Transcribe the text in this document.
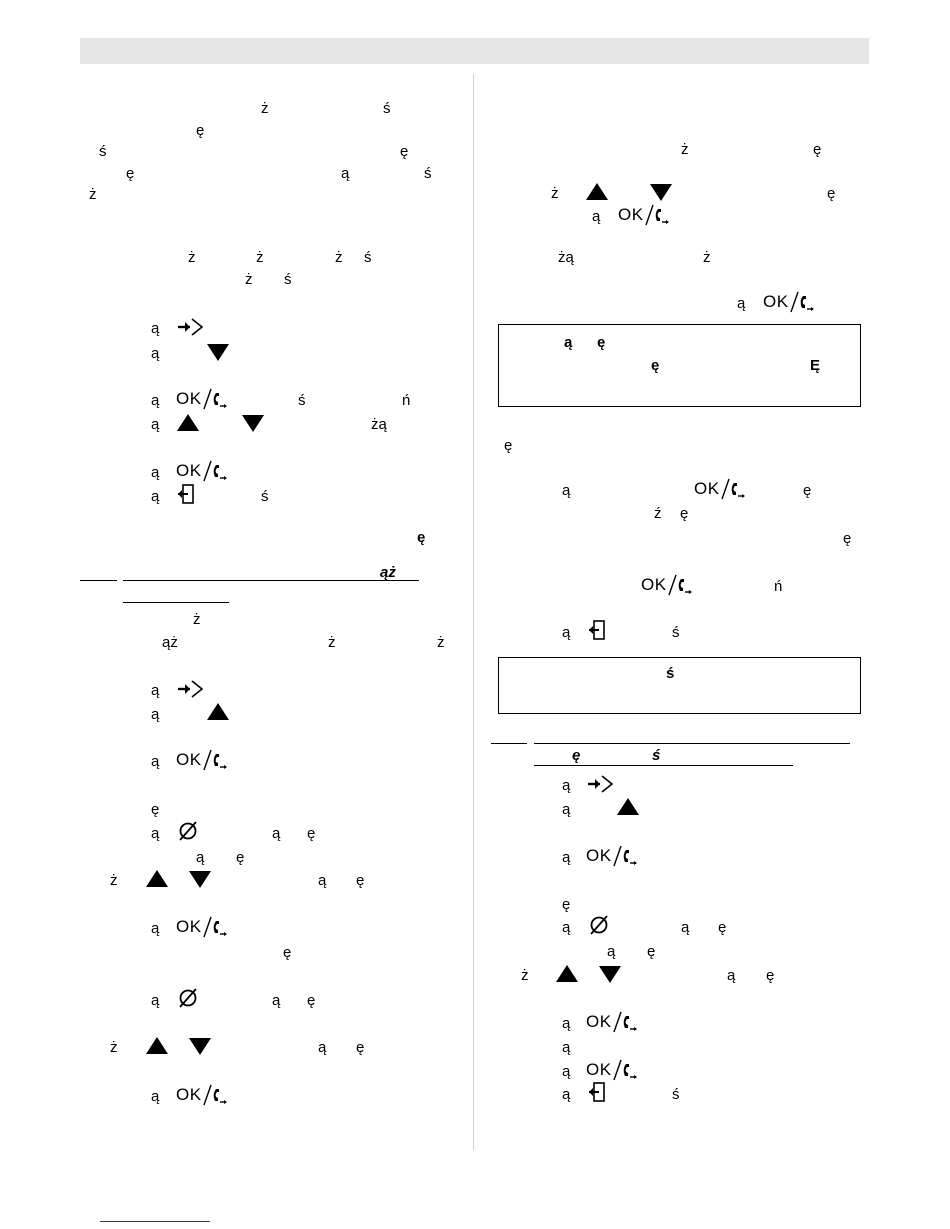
ż	ś
ę
ś	ę
ę	ą	ś
ż
ż	ż	ż ś
ż ś
ą
ą
ą OK	ś	ń
ą	żą
ą OK
ą	ś
ę
ąż
ż
ąż	ż	ż
ą
ą
ą OK
ę
ą	ą ę
ą ę
ż	ą ę
ą OK
ę
ą	ą ę
ż	ą ę
ą OK
ż	ę
ż	ę
ą OK
żą	ż
ą OK
ą ę
ę	Ę
ę
ą	OK	ę
ź ę
ę
OK	ń
ą	ś
ś
ę	ś
ą
ą
ą OK
ę
ą	ą ę
ą ę
ż	ą ę
ą OK
ą
ą OK
ą	ś
